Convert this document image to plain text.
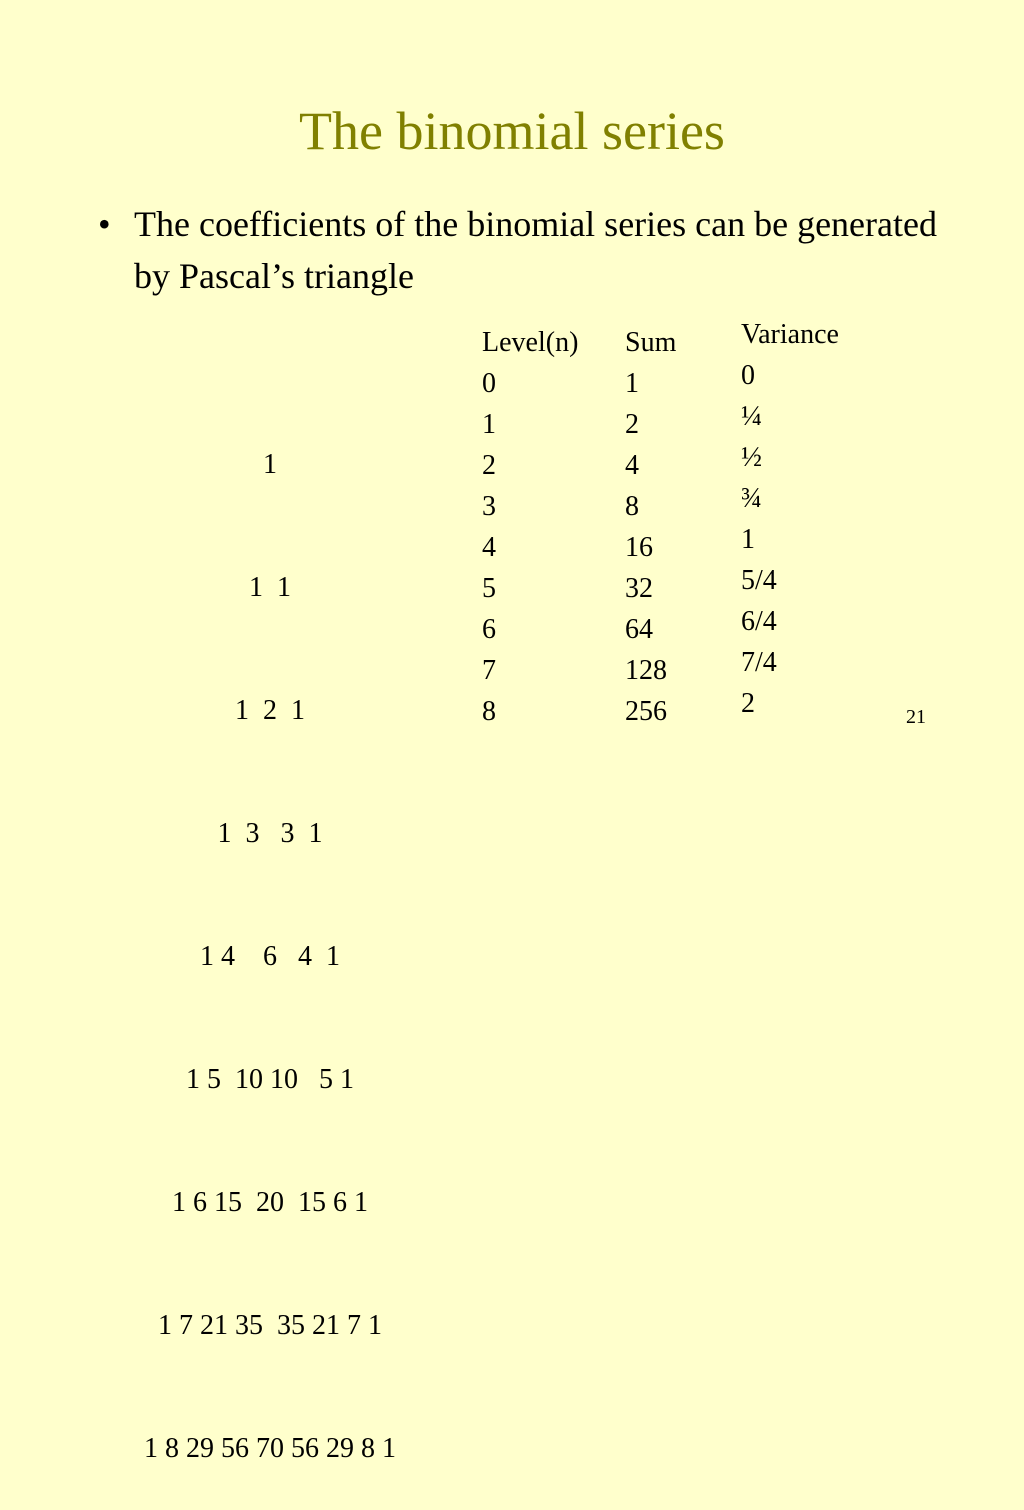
The binomial series
• The coefficients of the binomial series can be generated by Pascal’s triangle

1

1  1

1  2  1

1  3   3  1

1 4    6   4  1

1 5  10 10   5 1

1 6 15  20  15 6 1

1 7 21 35  35 21 7 1

1 8 29 56 70 56 29 8 1

Level(n)
0
1
2
3
4
5
6
7
8
Sum
1
2
4
8
16
32
64
128
256
Variance
0
¼
½
¾
1
5/4
6/4
7/4
2	21
